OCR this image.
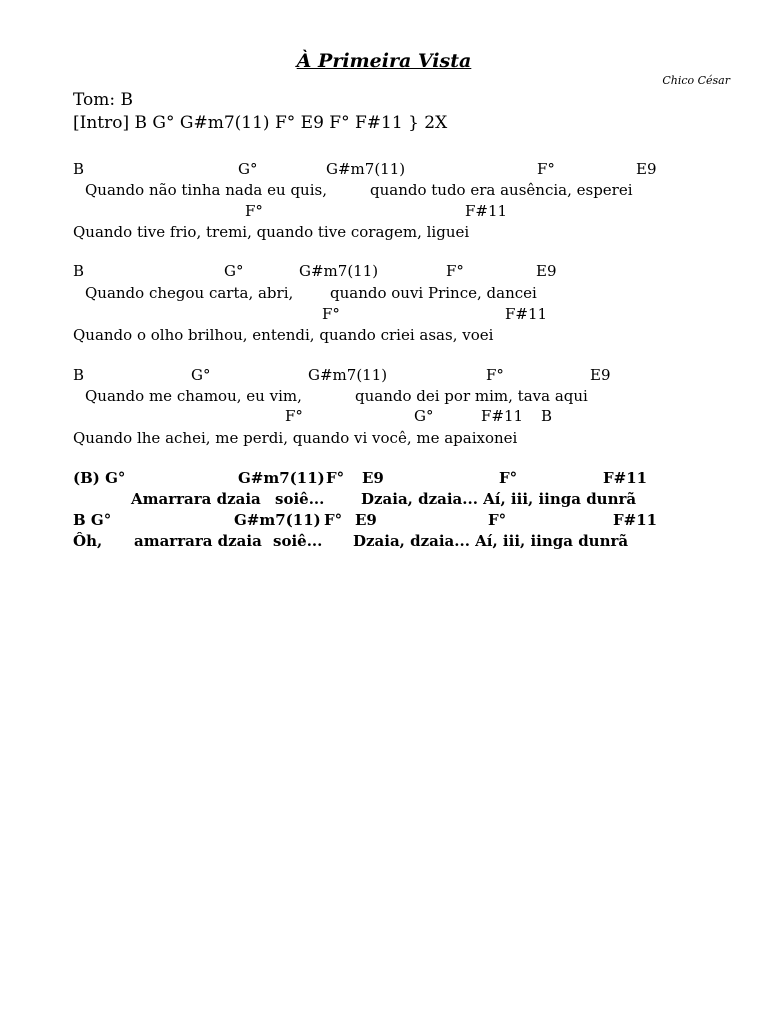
À Primeira Vista
Chico César
Tom: B
[Intro] B G° G#m7(11) F° E9 F° F#11 } 2X
B	G°	G#m7(11)	F°	E9
Quando não tinha nada eu quis,	quando tudo era ausência, esperei
F°	F#11
Quando tive frio, tremi, quando tive coragem, liguei
B	G°	G#m7(11)	F°	E9
Quando chegou carta, abri, quando ouvi Prince, dancei
F°	F#11
Quando o olho brilhou, entendi, quando criei asas, voei
B	G°	G#m7(11)	F°	E9
Quando me chamou, eu vim,	quando dei por mim, tava aqui
F°	G°	F#11 B
Quando lhe achei, me perdi, quando vi você, me apaixonei
(B) G°	G#m7(11) F° E9	F°	F#11
Amarrara dzaia soiê... Dzaia, dzaia... Aí, iii, iinga dunrã
B G°	G#m7(11) F° E9	F°	F#11
Ôh, amarrara dzaia soiê... Dzaia, dzaia... Aí, iii, iinga dunrã
